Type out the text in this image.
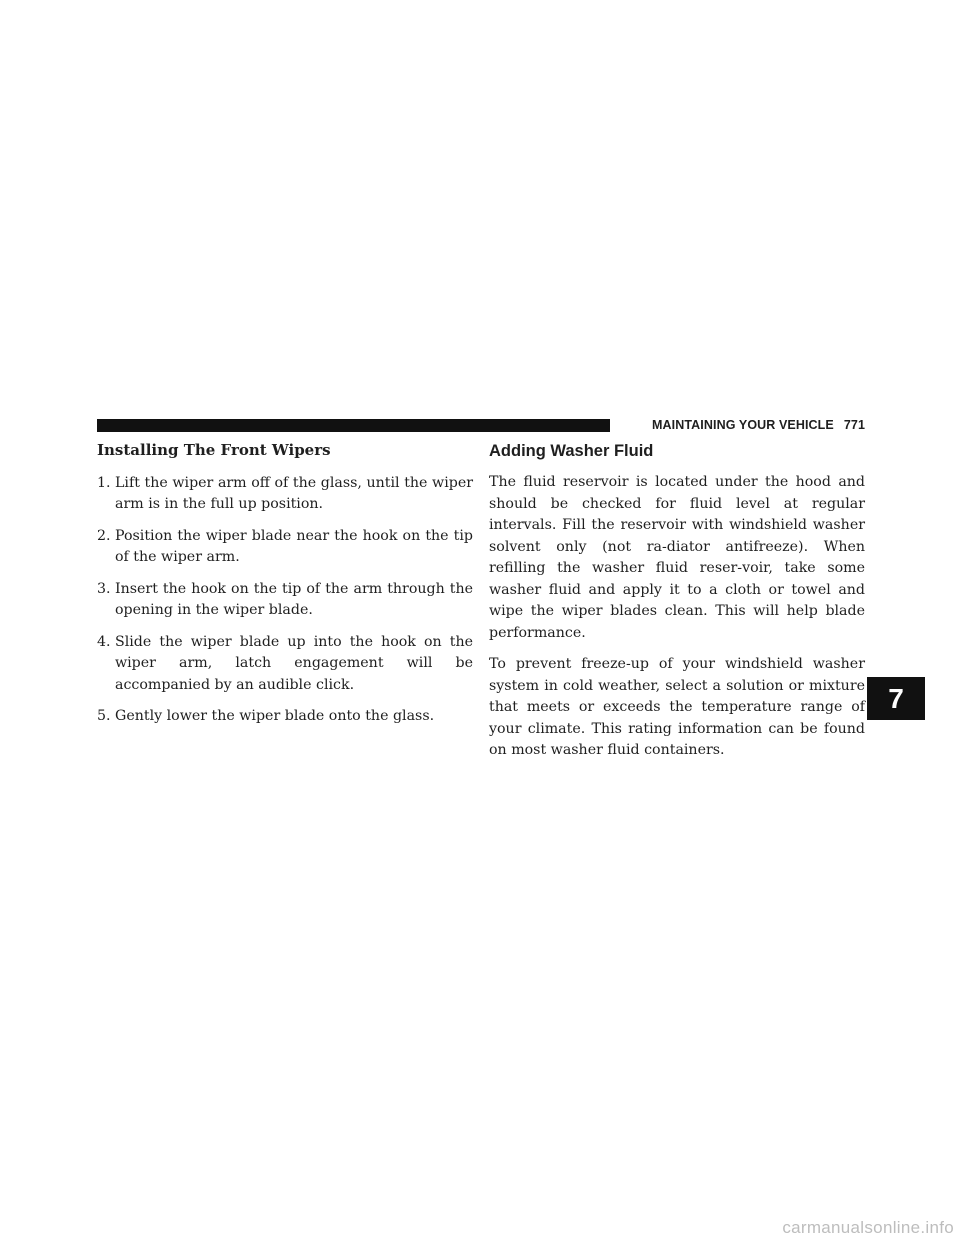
MAINTAINING YOUR VEHICLE 771
Installing The Front Wipers
1. Lift the wiper arm off of the glass, until the wiper arm is in the full up position.
2. Position the wiper blade near the hook on the tip of the wiper arm.
3. Insert the hook on the tip of the arm through the opening in the wiper blade.
4. Slide the wiper blade up into the hook on the wiper arm, latch engagement will be accompanied by an audible click.
5. Gently lower the wiper blade onto the glass.
Adding Washer Fluid

The fluid reservoir is located under the hood and should be checked for fluid level at regular intervals. Fill the reservoir with windshield washer solvent only (not ra-diator antifreeze). When refilling the washer fluid reser-voir, take some washer fluid and apply it to a cloth or towel and wipe the wiper blades clean. This will help blade performance.

To prevent freeze-up of your windshield washer system in cold weather, select a solution or mixture that meets or exceeds the temperature range of your climate. This rating information can be found on most washer fluid containers.

7
carmanualsonline.info
